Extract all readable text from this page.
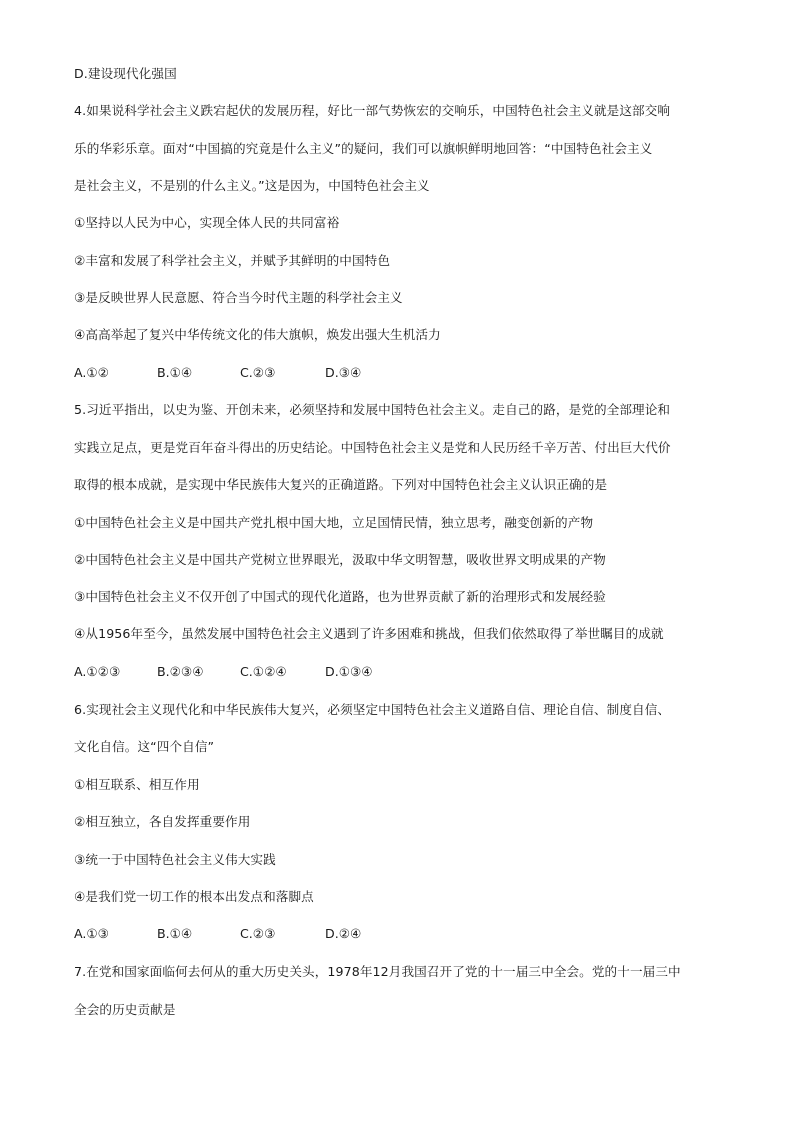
D.建设现代化强国

4.如果说科学社会主义跌宕起伏的发展历程，好比一部气势恢宏的交响乐，中国特色社会主义就是这部交响

乐的华彩乐章。面对“中国搞的究竟是什么主义”的疑问，我们可以旗帜鲜明地回答：“中国特色社会主义

是社会主义，不是别的什么主义。”这是因为，中国特色社会主义

①坚持以人民为中心，实现全体人民的共同富裕

②丰富和发展了科学社会主义，并赋予其鲜明的中国特色

③是反映世界人民意愿、符合当今时代主题的科学社会主义

④高高举起了复兴中华传统文化的伟大旗帜，焕发出强大生机活力

A.①②	B.①④	C.②③	D.③④

5.习近平指出，以史为鉴、开创未来，必须坚持和发展中国特色社会主义。走自己的路，是党的全部理论和

实践立足点，更是党百年奋斗得出的历史结论。中国特色社会主义是党和人民历经千辛万苦、付出巨大代价

取得的根本成就，是实现中华民族伟大复兴的正确道路。下列对中国特色社会主义认识正确的是

①中国特色社会主义是中国共产党扎根中国大地，立足国情民情，独立思考，融变创新的产物

②中国特色社会主义是中国共产党树立世界眼光，汲取中华文明智慧，吸收世界文明成果的产物

③中国特色社会主义不仅开创了中国式的现代化道路，也为世界贡献了新的治理形式和发展经验

④从1956年至今，虽然发展中国特色社会主义遇到了许多困难和挑战，但我们依然取得了举世瞩目的成就

A.①②③	B.②③④	C.①②④	D.①③④

6.实现社会主义现代化和中华民族伟大复兴，必须坚定中国特色社会主义道路自信、理论自信、制度自信、

文化自信。这“四个自信”

①相互联系、相互作用

②相互独立，各自发挥重要作用

③统一于中国特色社会主义伟大实践

④是我们党一切工作的根本出发点和落脚点

A.①③	B.①④	C.②③	D.②④

7.在党和国家面临何去何从的重大历史关头，1978年12月我国召开了党的十一届三中全会。党的十一届三中

全会的历史贡献是
